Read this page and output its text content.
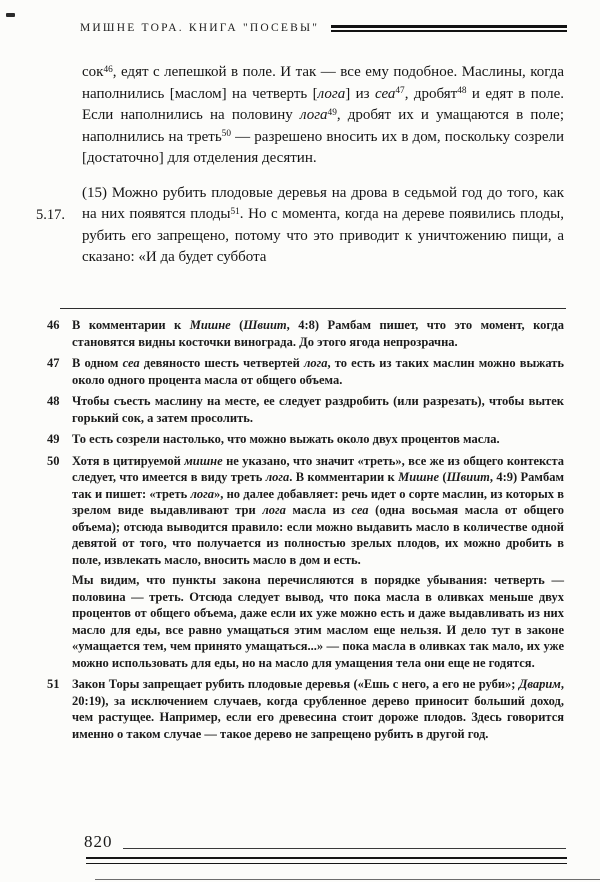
МИШНЕ ТОРА. КНИГА "ПОСЕВЫ"
5.17.

сок$^{46}$, едят с лепешкой в поле. И так — все ему подобное. Маслины, когда наполнились [маслом] на четверть [лога] из сеа$^{47}$, дробят$^{48}$ и едят в поле. Если наполнились на половину лога$^{49}$, дробят их и умащаются в поле; наполнились на треть$^{50}$ — разрешено вносить их в дом, поскольку созрели [достаточно] для отделения десятин.

(15) Можно рубить плодовые деревья на дрова в седьмой год до того, как на них появятся плоды$^{51}$. Но с момента, когда на дереве появились плоды, рубить его запрещено, потому что это приводит к уничтожению пищи, а сказано: «И да будет суббота

46	В комментарии к Мишне (Швиит, 4:8) Рамбам пишет, что это момент, когда становятся видны косточки винограда. До этого ягода непрозрачна.

47	В одном сеа девяносто шесть четвертей лога, то есть из таких маслин можно выжать около одного процента масла от общего объема.

48	Чтобы съесть маслину на месте, ее следует раздробить (или разрезать), чтобы вытек горький сок, а затем просолить.

49	То есть созрели настолько, что можно выжать около двух процентов масла.

50	Хотя в цитируемой мишне не указано, что значит «треть», все же из общего контекста следует, что имеется в виду треть лога. В комментарии к Мишне (Швиит, 4:9) Рамбам так и пишет: «треть лога», но далее добавляет: речь идет о сорте маслин, из которых в зрелом виде выдавливают три лога масла из сеа (одна восьмая масла от общего объема); отсюда выводится правило: если можно выдавить масло в количестве одной девятой от того, что получается из полностью зрелых плодов, их можно дробить в поле, извлекать масло, вносить масло в дом и есть.

Мы видим, что пункты закона перечисляются в порядке убывания: четверть — половина — треть. Отсюда следует вывод, что пока масла в оливках меньше двух процентов от общего объема, даже если их уже можно есть и даже выдавливать из них масло для еды, все равно умащаться этим маслом еще нельзя. И дело тут в законе «умащается тем, чем принято умащаться...» — пока масла в оливках так мало, их уже можно использовать для еды, но на масло для умащения тела они еще не годятся.

51	Закон Торы запрещает рубить плодовые деревья («Ешь с него, а его не руби»; Дварим, 20:19), за исключением случаев, когда срубленное дерево приносит больший доход, чем растущее. Например, если его древесина стоит дороже плодов. Здесь говорится именно о таком случае — такое дерево не запрещено рубить в другой год.

820
